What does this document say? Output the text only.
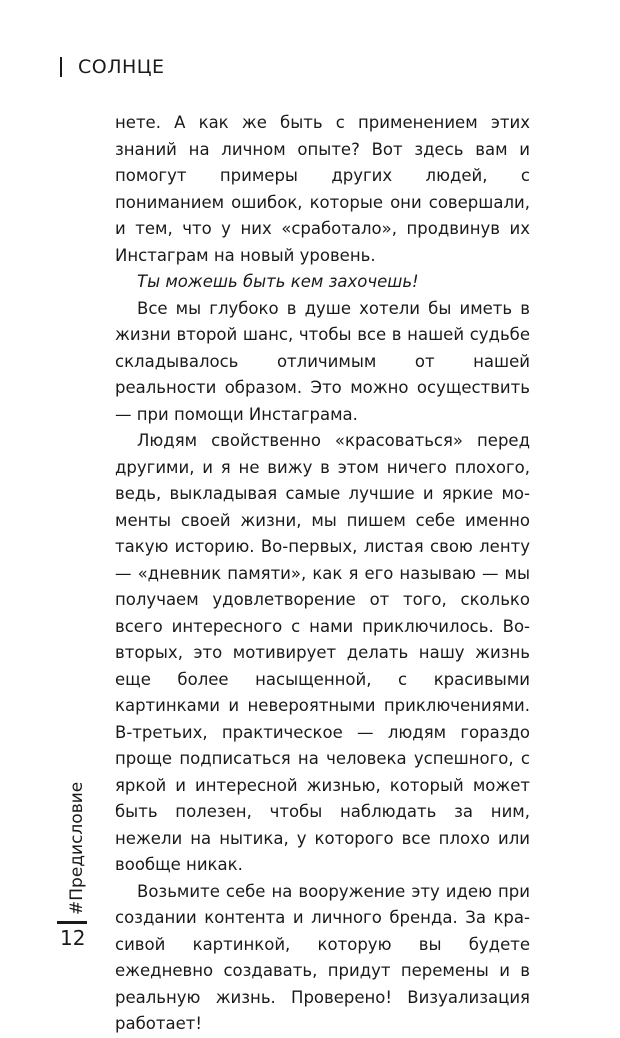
СОЛНЦЕ

нете. А как же быть с применением этих знаний на личном опыте? Вот здесь вам и помогут примеры других людей, с пониманием ошибок, которые они совершали, и тем, что у них «сработало», продвинув их Инстаграм на новый уровень.

Ты можешь быть кем захочешь!

Все мы глубоко в душе хотели бы иметь в жизни второй шанс, чтобы все в нашей судьбе складывалось отличимым от нашей реальности образом. Это можно осуществить — при помощи Инстаграма.

Людям свойственно «красоваться» перед другими, и я не вижу в этом ничего плохого, ведь, выкладывая самые лучшие и яркие моменты своей жизни, мы пишем себе именно такую историю. Во-первых, листая свою ленту — «дневник памяти», как я его называю — мы получаем удовлетворение от того, сколько всего интересного с нами приключилось. Во-вторых, это мотивирует делать нашу жизнь еще более насыщенной, с красивыми картинками и невероятными приключениями. В-третьих, практическое — людям гораздо проще подписаться на человека успешного, с яркой и интересной жизнью, который может быть полезен, чтобы наблюдать за ним, нежели на нытика, у которого все плохо или вообще никак.

Возьмите себе на вооружение эту идею при создании контента и личного бренда. За красивой картинкой, которую вы будете ежедневно создавать, придут перемены и в реальную жизнь. Проверено! Визуализация работает!

#Предисловие
12
